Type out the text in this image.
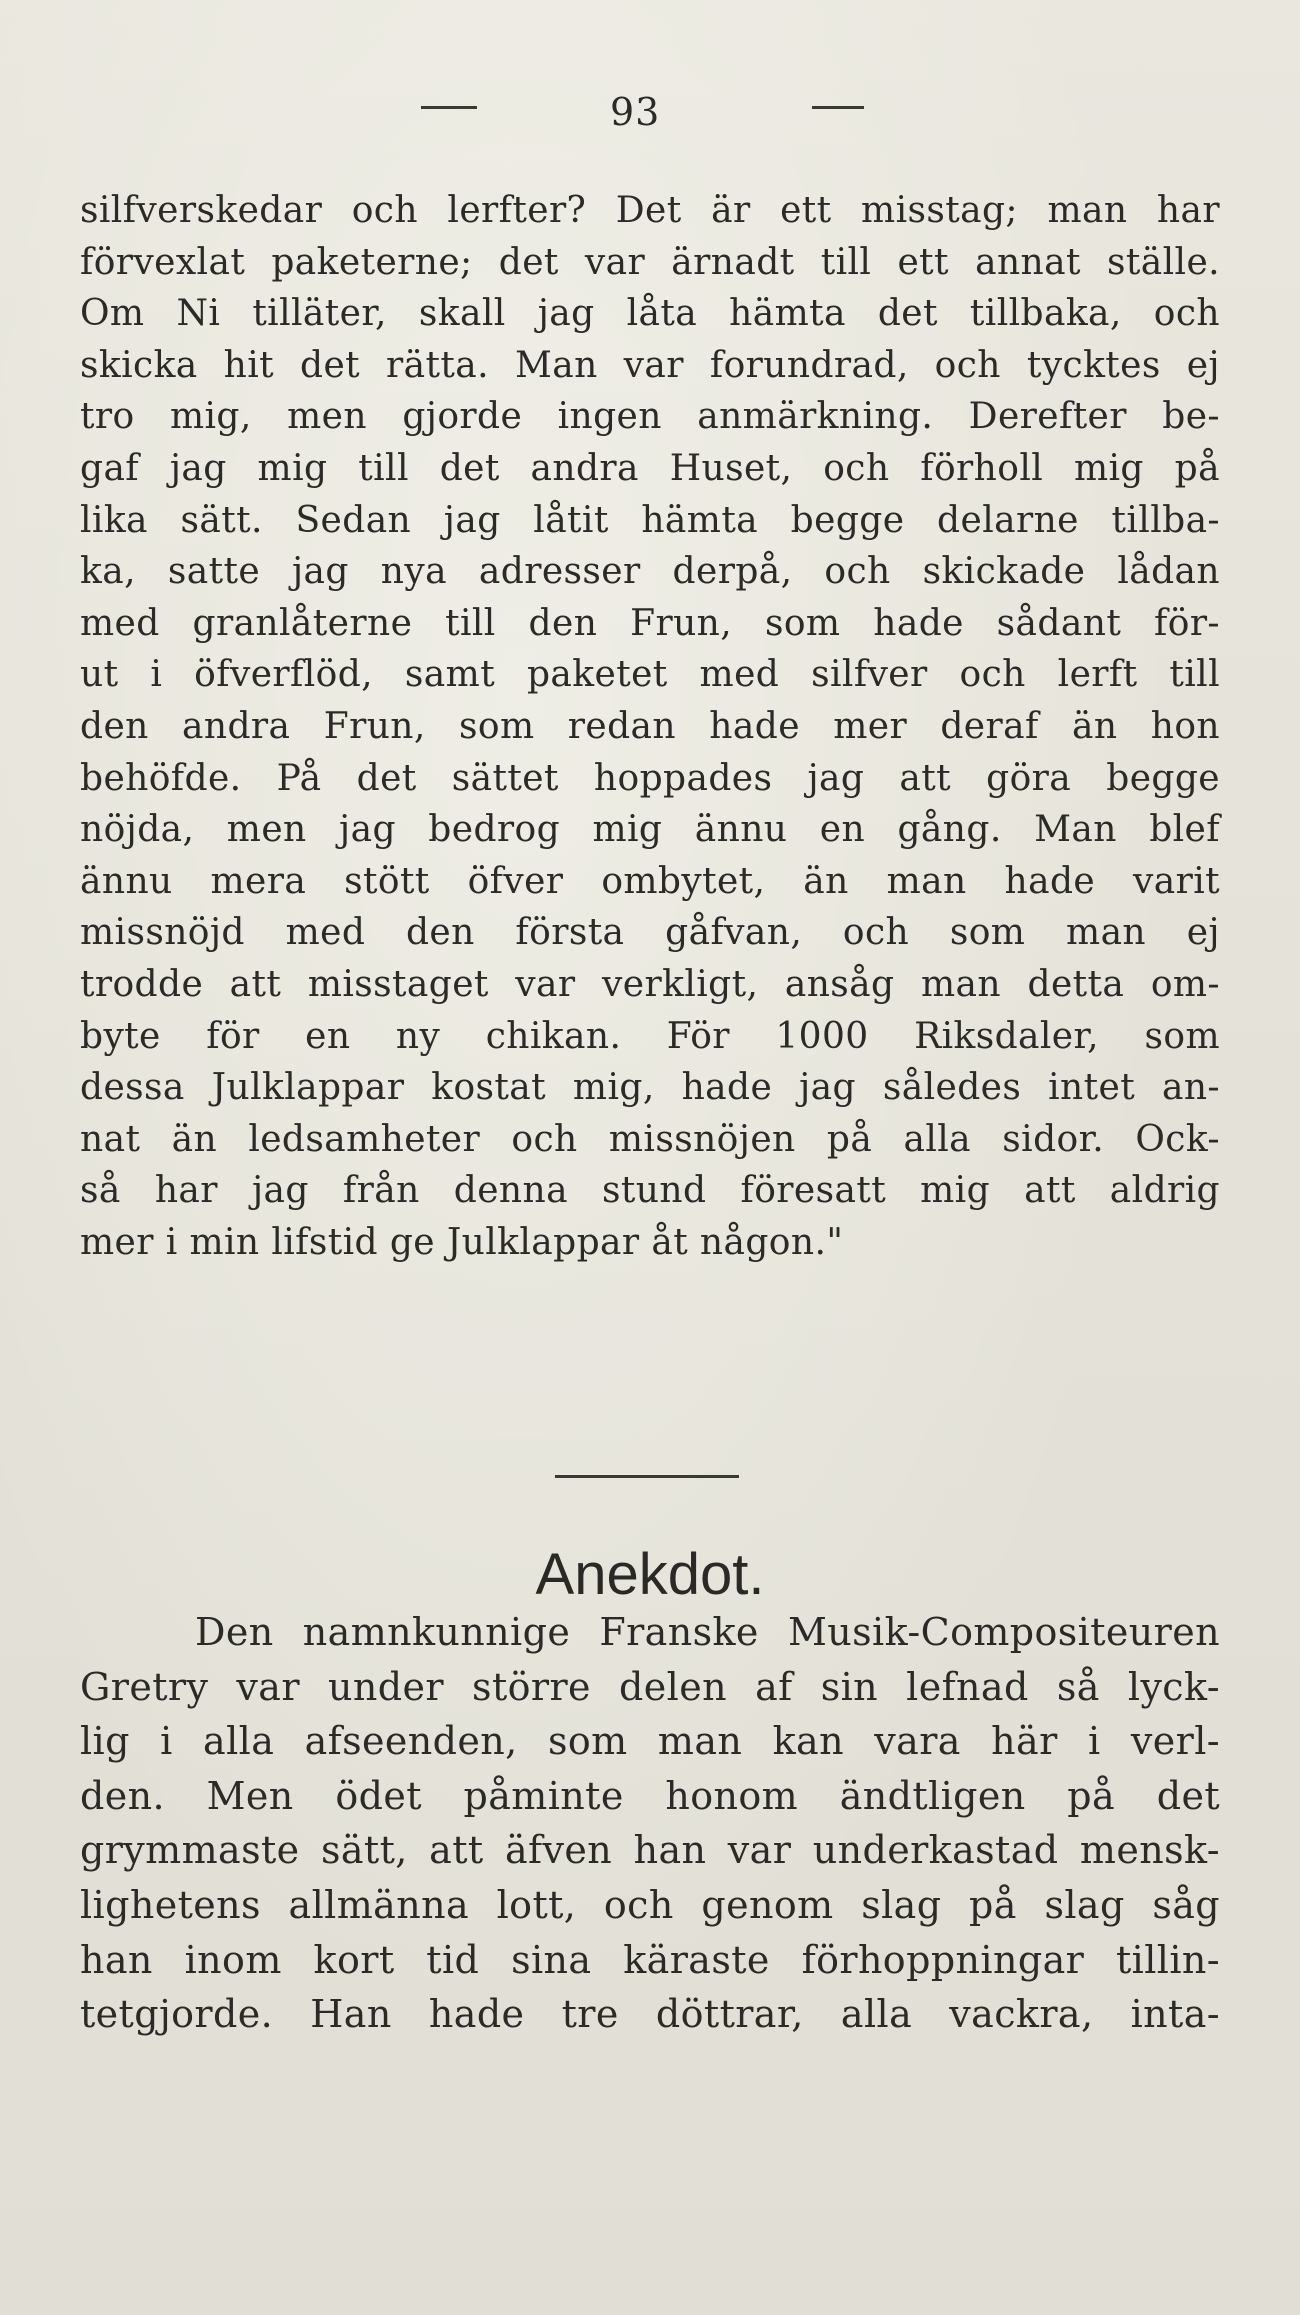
93
silfverskedar och lerfter? Det är ett misstag; man har
förvexlat paketerne; det var ärnadt till ett annat ställe.
Om Ni tilläter, skall jag låta hämta det tillbaka, och
skicka hit det rätta. Man var forundrad, och tycktes ej
tro mig, men gjorde ingen anmärkning. Derefter be-
gaf jag mig till det andra Huset, och förholl mig på
lika sätt. Sedan jag låtit hämta begge delarne tillba-
ka, satte jag nya adresser derpå, och skickade lådan
med granlåterne till den Frun, som hade sådant för-
ut i öfverflöd, samt paketet med silfver och lerft till
den andra Frun, som redan hade mer deraf än hon
behöfde. På det sättet hoppades jag att göra begge
nöjda, men jag bedrog mig ännu en gång. Man blef
ännu mera stött öfver ombytet, än man hade varit
missnöjd med den första gåfvan, och som man ej
trodde att misstaget var verkligt, ansåg man detta om-
byte för en ny chikan. För 1000 Riksdaler, som
dessa Julklappar kostat mig, hade jag således intet an-
nat än ledsamheter och missnöjen på alla sidor. Ock-
så har jag från denna stund föresatt mig att aldrig
mer i min lifstid ge Julklappar åt någon."
Anekdot.
Den namnkunnige Franske Musik-Compositeuren
Gretry var under större delen af sin lefnad så lyck-
lig i alla afseenden, som man kan vara här i verl-
den. Men ödet påminte honom ändtligen på det
grymmaste sätt, att äfven han var underkastad mensk-
lighetens allmänna lott, och genom slag på slag såg
han inom kort tid sina käraste förhoppningar tillin-
tetgjorde. Han hade tre döttrar, alla vackra, inta-
